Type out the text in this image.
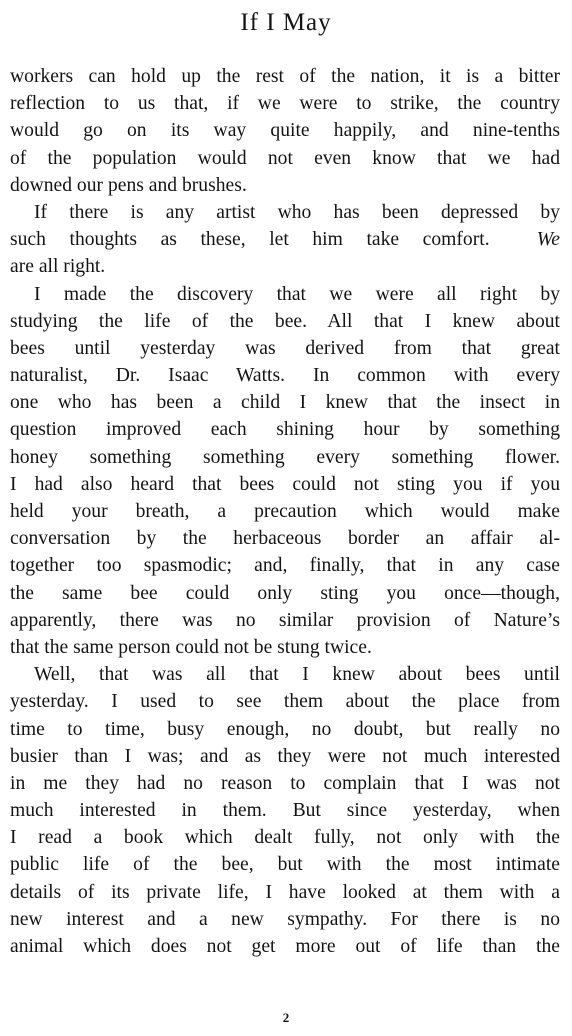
If I May
workers can hold up the rest of the nation, it is a bitter
reflection to us that, if we were to strike, the country
would go on its way quite happily, and nine-tenths
of the population would not even know that we had
downed our pens and brushes.
If there is any artist who has been depressed by
such thoughts as these, let him take comfort. We
are all right.
I made the discovery that we were all right by
studying the life of the bee. All that I knew about
bees until yesterday was derived from that great
naturalist, Dr. Isaac Watts. In common with every
one who has been a child I knew that the insect in
question improved each shining hour by something
honey something something every something flower.
I had also heard that bees could not sting you if you
held your breath, a precaution which would make
conversation by the herbaceous border an affair al-
together too spasmodic; and, finally, that in any case
the same bee could only sting you once—though,
apparently, there was no similar provision of Nature’s
that the same person could not be stung twice.
Well, that was all that I knew about bees until
yesterday. I used to see them about the place from
time to time, busy enough, no doubt, but really no
busier than I was; and as they were not much interested
in me they had no reason to complain that I was not
much interested in them. But since yesterday, when
I read a book which dealt fully, not only with the
public life of the bee, but with the most intimate
details of its private life, I have looked at them with a
new interest and a new sympathy. For there is no
animal which does not get more out of life than the
2
